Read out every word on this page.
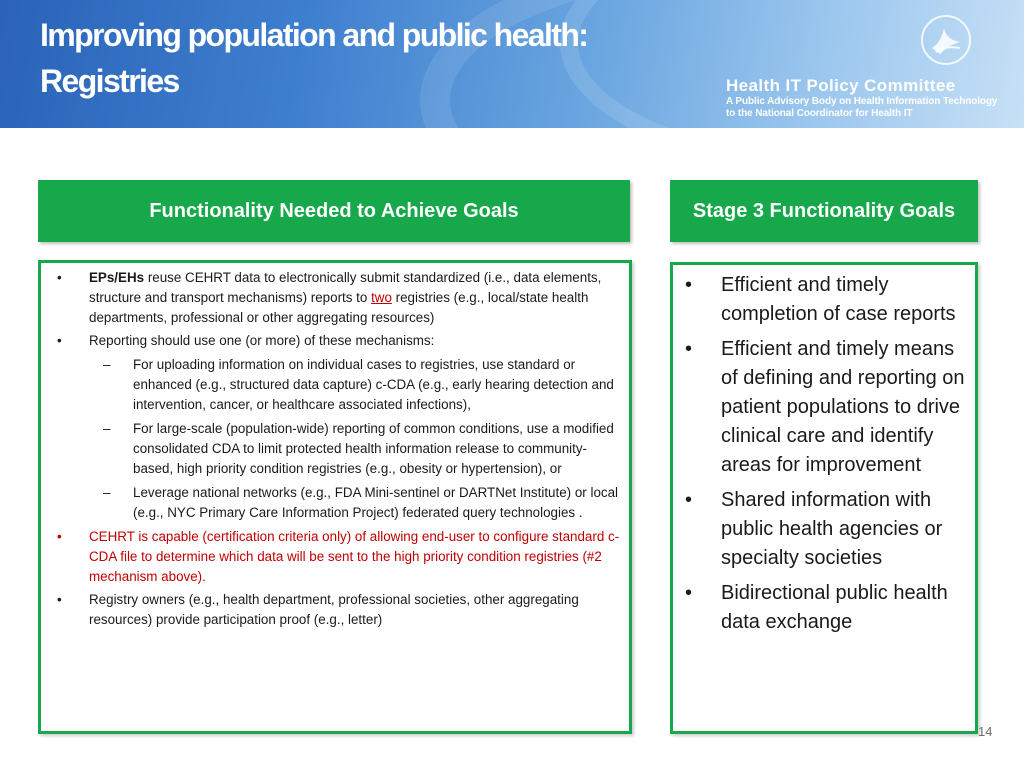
Improving population and public health:
Registries	Health IT Policy Committee
A Public Advisory Body on Health Information Technology
to the National Coordinator for Health IT
Functionality Needed to Achieve Goals	Stage 3 Functionality Goals
• EPs/EHs reuse CEHRT data to electronically submit standardized (i.e., data elements, structure and transport mechanisms) reports to two registries (e.g., local/state health departments, professional or other aggregating resources)
• Reporting should use one (or more) of these mechanisms:
– For uploading information on individual cases to registries, use standard or enhanced (e.g., structured data capture) c-CDA (e.g., early hearing detection and intervention, cancer, or healthcare associated infections),
– For large-scale (population-wide) reporting of common conditions, use a modified consolidated CDA to limit protected health information release to community-based, high priority condition registries (e.g., obesity or hypertension), or
– Leverage national networks (e.g., FDA Mini-sentinel or DARTNet Institute) or local (e.g., NYC Primary Care Information Project) federated query technologies .
• CEHRT is capable (certification criteria only) of allowing end-user to configure standard c-CDA file to determine which data will be sent to the high priority condition registries (#2 mechanism above).
• Registry owners (e.g., health department, professional societies, other aggregating resources) provide participation proof (e.g., letter)
• Efficient and timely completion of case reports
• Efficient and timely means of defining and reporting on patient populations to drive clinical care and identify areas for improvement
• Shared information with public health agencies or specialty societies
• Bidirectional public health data exchange
14
